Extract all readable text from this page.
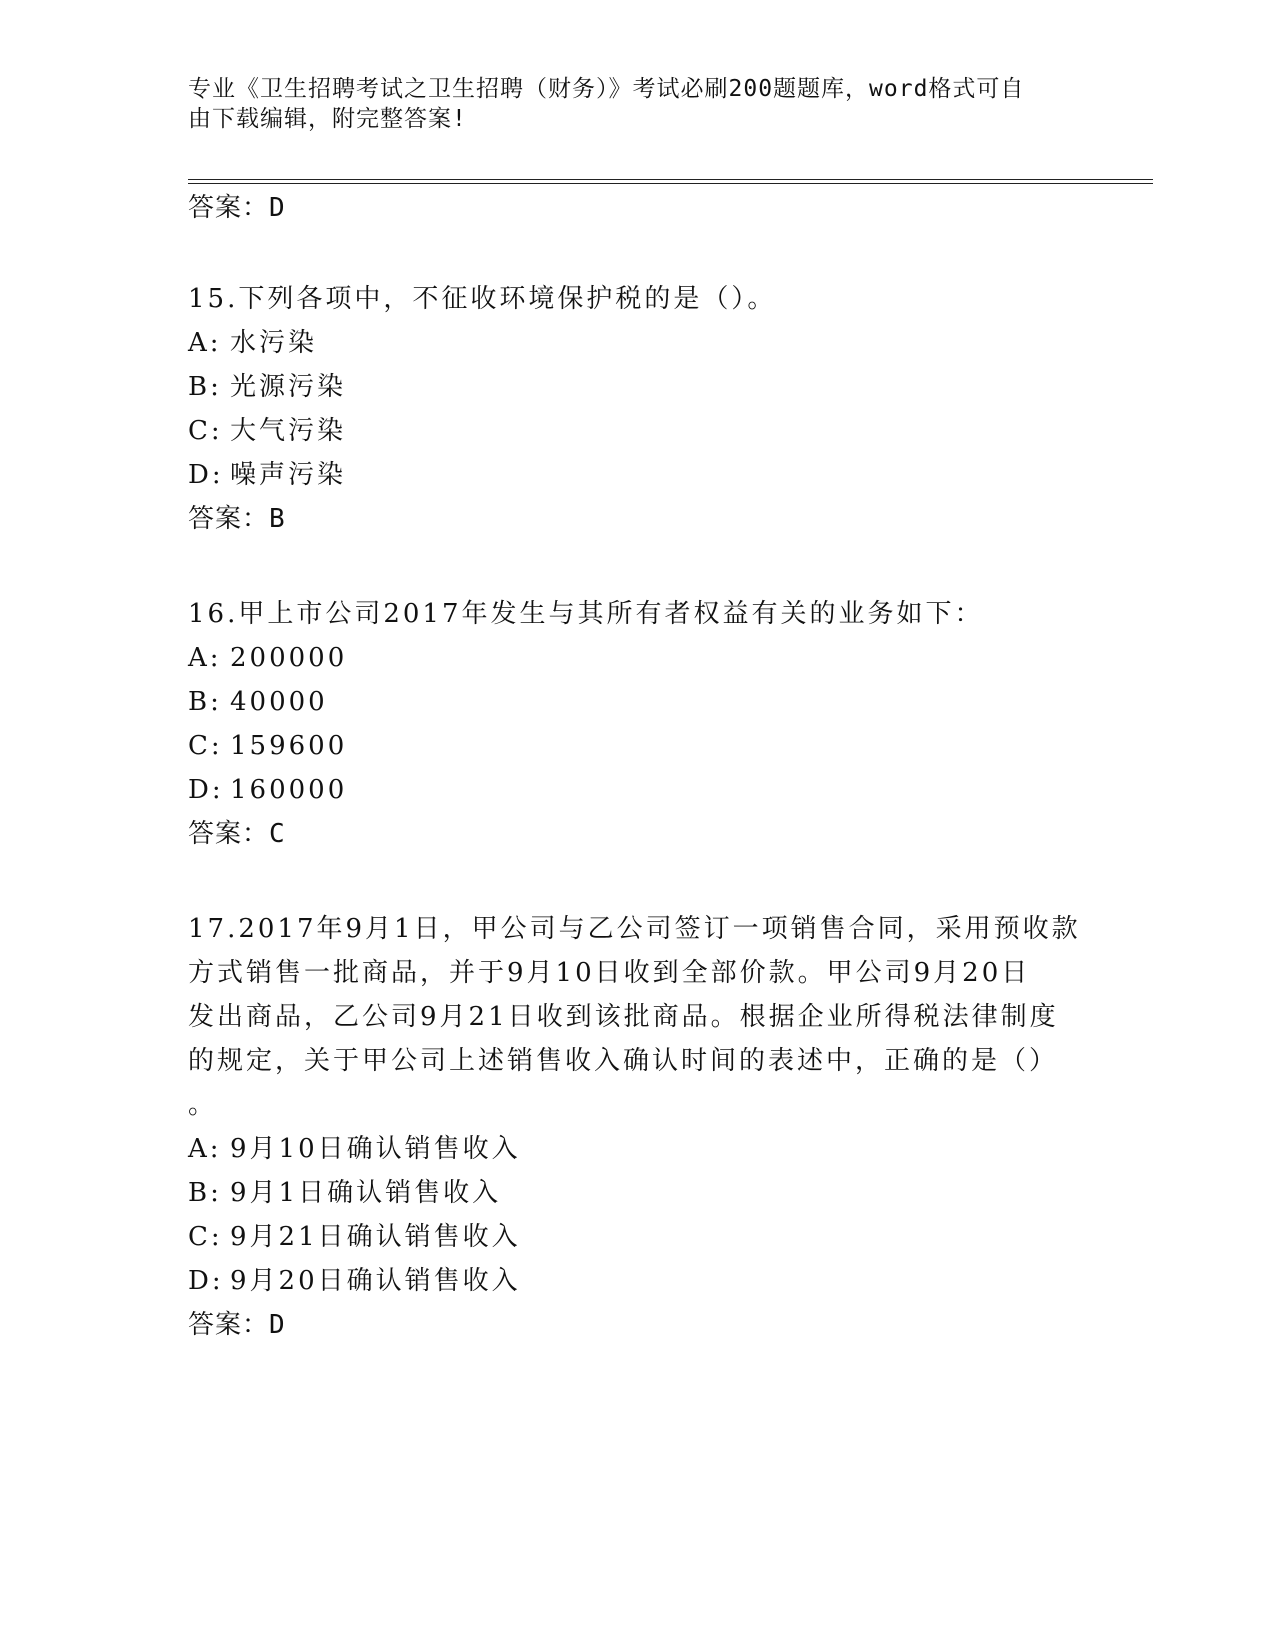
专业《卫生招聘考试之卫生招聘（财务）》考试必刷200题题库，word格式可自
由下载编辑，附完整答案!
答案：D
15.下列各项中，不征收环境保护税的是（）。
A: 水污染
B: 光源污染
C: 大气污染
D: 噪声污染
答案：B
16.甲上市公司2017年发生与其所有者权益有关的业务如下：
A: 200000
B: 40000
C: 159600
D: 160000
答案：C
17.2017年9月1日，甲公司与乙公司签订一项销售合同，采用预收款
方式销售一批商品，并于9月10日收到全部价款。甲公司9月20日
发出商品，乙公司9月21日收到该批商品。根据企业所得税法律制度
的规定，关于甲公司上述销售收入确认时间的表述中，正确的是（）
。
A: 9月10日确认销售收入
B: 9月1日确认销售收入
C: 9月21日确认销售收入
D: 9月20日确认销售收入
答案：D
